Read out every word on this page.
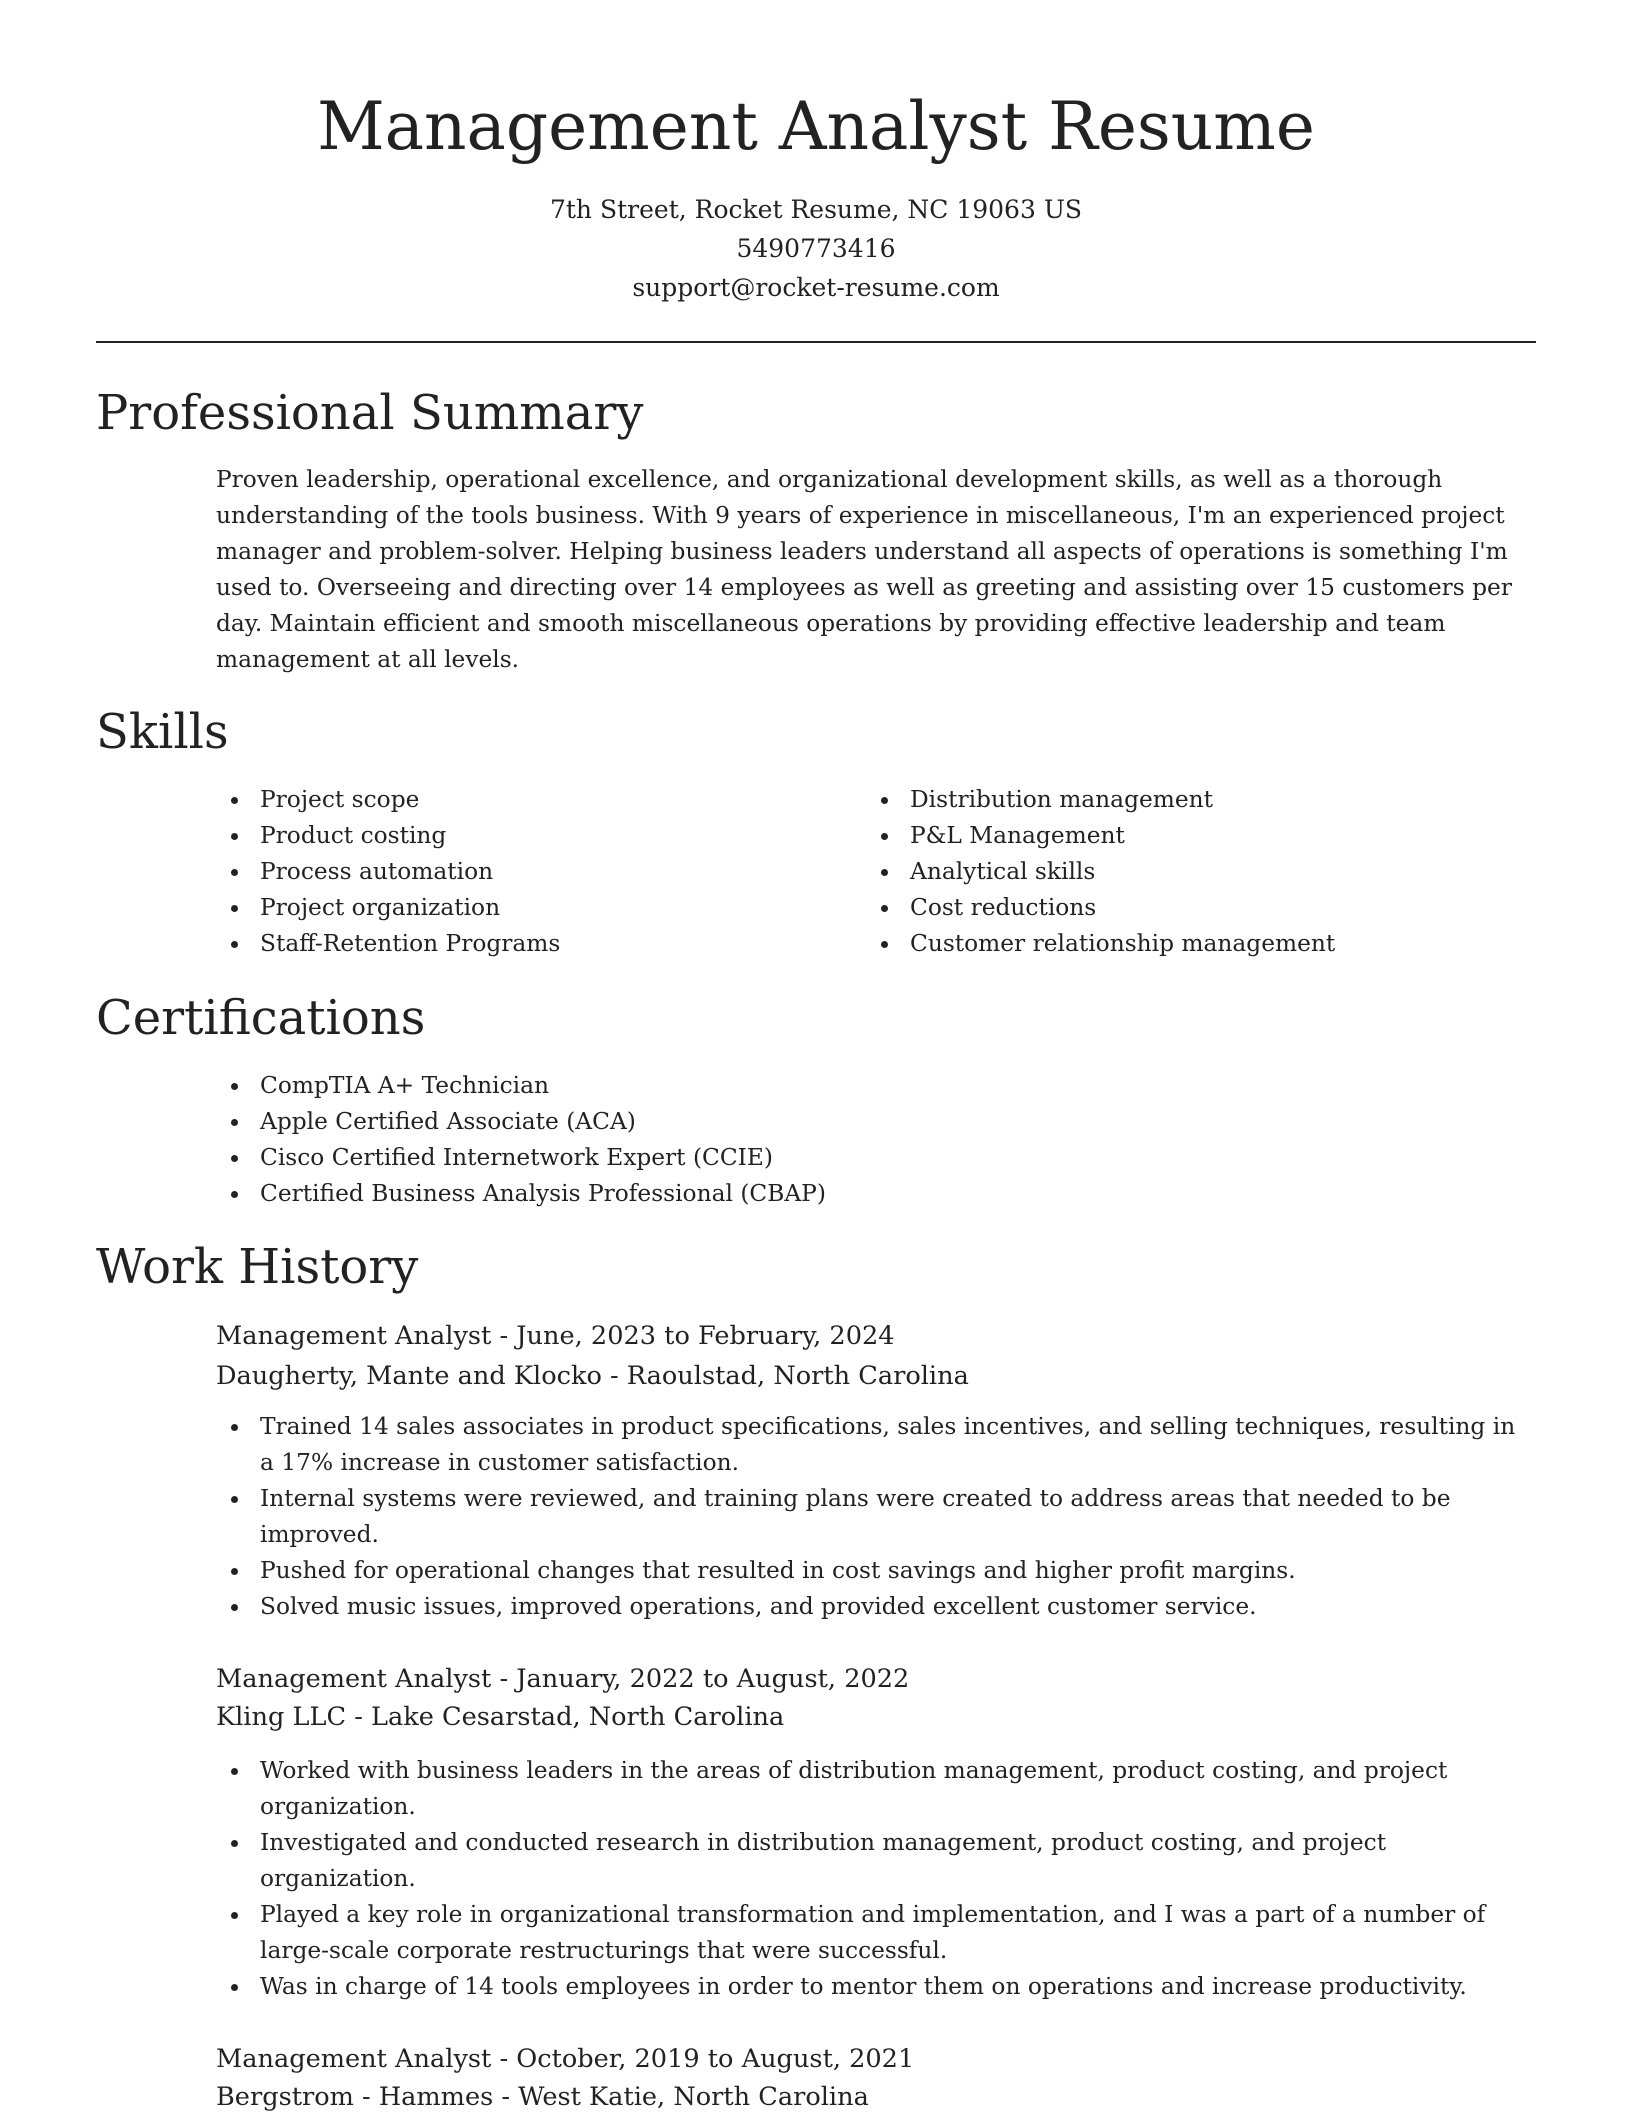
Management Analyst Resume
7th Street, Rocket Resume, NC 19063 US
5490773416
support@rocket-resume.com
Professional Summary

Proven leadership, operational excellence, and organizational development skills, as well as a thorough understanding of the tools business. With 9 years of experience in miscellaneous, I'm an experienced project manager and problem-solver. Helping business leaders understand all aspects of operations is something I'm used to. Overseeing and directing over 14 employees as well as greeting and assisting over 15 customers per day. Maintain efficient and smooth miscellaneous operations by providing effective leadership and team management at all levels.

Skills
Project scope
Product costing
Process automation
Project organization
Staff-Retention Programs
Distribution management
P&L Management
Analytical skills
Cost reductions
Customer relationship management
Certifications
CompTIA A+ Technician
Apple Certified Associate (ACA)
Cisco Certified Internetwork Expert (CCIE)
Certified Business Analysis Professional (CBAP)
Work History
Management Analyst - June, 2023 to February, 2024
Daugherty, Mante and Klocko - Raoulstad, North Carolina
Trained 14 sales associates in product specifications, sales incentives, and selling techniques, resulting in a 17% increase in customer satisfaction.
Internal systems were reviewed, and training plans were created to address areas that needed to be improved.
Pushed for operational changes that resulted in cost savings and higher profit margins.
Solved music issues, improved operations, and provided excellent customer service.
Management Analyst - January, 2022 to August, 2022
Kling LLC - Lake Cesarstad, North Carolina
Worked with business leaders in the areas of distribution management, product costing, and project organization.
Investigated and conducted research in distribution management, product costing, and project organization.
Played a key role in organizational transformation and implementation, and I was a part of a number of large-scale corporate restructurings that were successful.
Was in charge of 14 tools employees in order to mentor them on operations and increase productivity.
Management Analyst - October, 2019 to August, 2021
Bergstrom - Hammes - West Katie, North Carolina
